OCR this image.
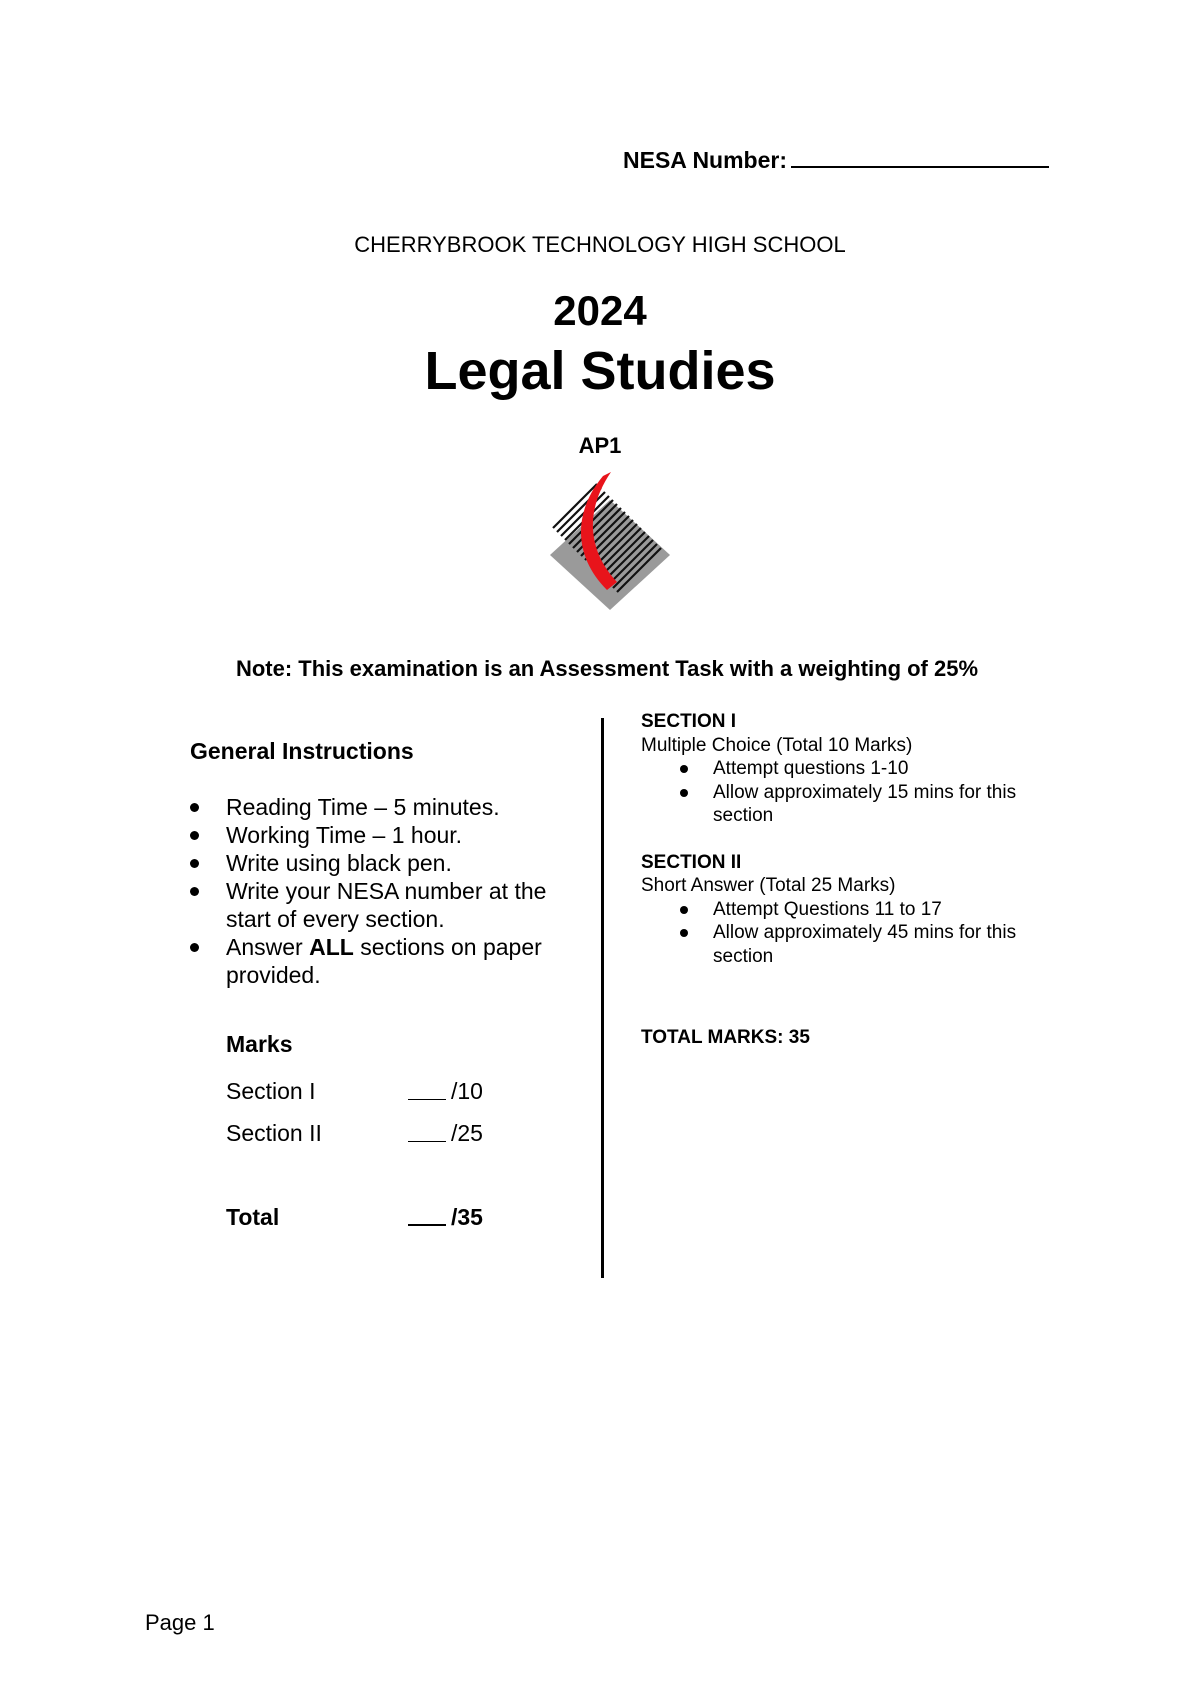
NESA Number:
CHERRYBROOK TECHNOLOGY HIGH SCHOOL
2024
Legal Studies
AP1
Note: This examination is an Assessment Task with a weighting of 25%
General Instructions
Reading Time – 5 minutes.
Working Time – 1 hour.
Write using black pen.
Write your NESA number at the start of every section.
Answer ALL sections on paper provided.
Marks
Section I	/10
Section II	/25
Total	/35
SECTION I
Multiple Choice (Total 10 Marks)
Attempt questions 1-10
Allow approximately 15 mins for this section
SECTION II
Short Answer (Total 25 Marks)
Attempt Questions 11 to 17
Allow approximately 45 mins for this section
TOTAL MARKS: 35
Page 1
